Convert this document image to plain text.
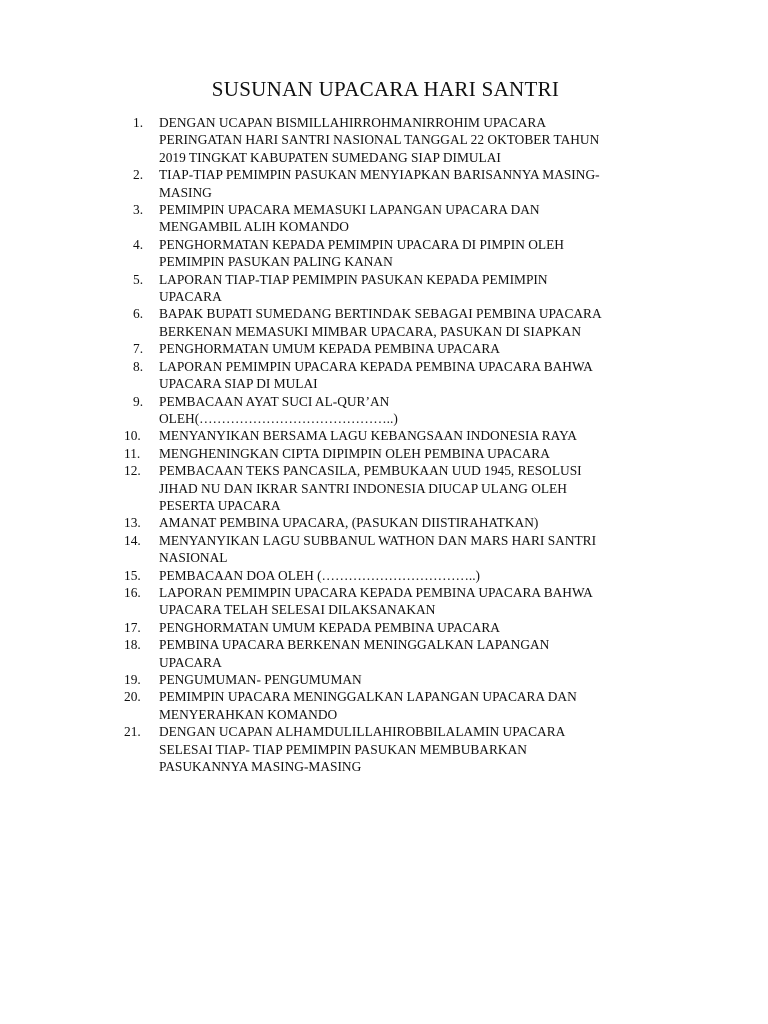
SUSUNAN UPACARA HARI SANTRI
1.	DENGAN UCAPAN BISMILLAHIRROHMANIRROHIM UPACARA
PERINGATAN HARI SANTRI NASIONAL TANGGAL 22 OKTOBER TAHUN
2019 TINGKAT KABUPATEN SUMEDANG SIAP DIMULAI
2.	TIAP-TIAP PEMIMPIN PASUKAN MENYIAPKAN BARISANNYA MASING-
MASING
3.	PEMIMPIN UPACARA MEMASUKI LAPANGAN UPACARA DAN
MENGAMBIL ALIH KOMANDO
4.	PENGHORMATAN KEPADA PEMIMPIN UPACARA DI PIMPIN OLEH
PEMIMPIN PASUKAN PALING KANAN
5.	LAPORAN TIAP-TIAP PEMIMPIN PASUKAN KEPADA PEMIMPIN
UPACARA
6.	BAPAK BUPATI SUMEDANG BERTINDAK SEBAGAI PEMBINA UPACARA
BERKENAN MEMASUKI MIMBAR UPACARA, PASUKAN DI SIAPKAN
7.	PENGHORMATAN UMUM KEPADA PEMBINA UPACARA
8.	LAPORAN PEMIMPIN UPACARA KEPADA PEMBINA UPACARA BAHWA
UPACARA SIAP DI MULAI
9.	PEMBACAAN AYAT SUCI AL-QUR’AN
OLEH(……………………………………..)
10.	MENYANYIKAN BERSAMA LAGU KEBANGSAAN INDONESIA RAYA
11.	MENGHENINGKAN CIPTA DIPIMPIN OLEH PEMBINA UPACARA
12.	PEMBACAAN TEKS PANCASILA, PEMBUKAAN UUD 1945, RESOLUSI
JIHAD NU DAN IKRAR SANTRI INDONESIA DIUCAP ULANG OLEH
PESERTA UPACARA
13.	AMANAT PEMBINA UPACARA, (PASUKAN DIISTIRAHATKAN)
14.	MENYANYIKAN LAGU SUBBANUL WATHON DAN MARS HARI SANTRI
NASIONAL
15.	PEMBACAAN DOA OLEH (……………………………..)
16.	LAPORAN PEMIMPIN UPACARA KEPADA PEMBINA UPACARA BAHWA
UPACARA TELAH SELESAI DILAKSANAKAN
17.	PENGHORMATAN UMUM KEPADA PEMBINA UPACARA
18.	PEMBINA UPACARA BERKENAN MENINGGALKAN LAPANGAN
UPACARA
19.	PENGUMUMAN- PENGUMUMAN
20.	PEMIMPIN UPACARA MENINGGALKAN LAPANGAN UPACARA DAN
MENYERAHKAN KOMANDO
21.	DENGAN UCAPAN ALHAMDULILLAHIROBBILALAMIN UPACARA
SELESAI TIAP- TIAP PEMIMPIN PASUKAN MEMBUBARKAN
PASUKANNYA MASING-MASING
